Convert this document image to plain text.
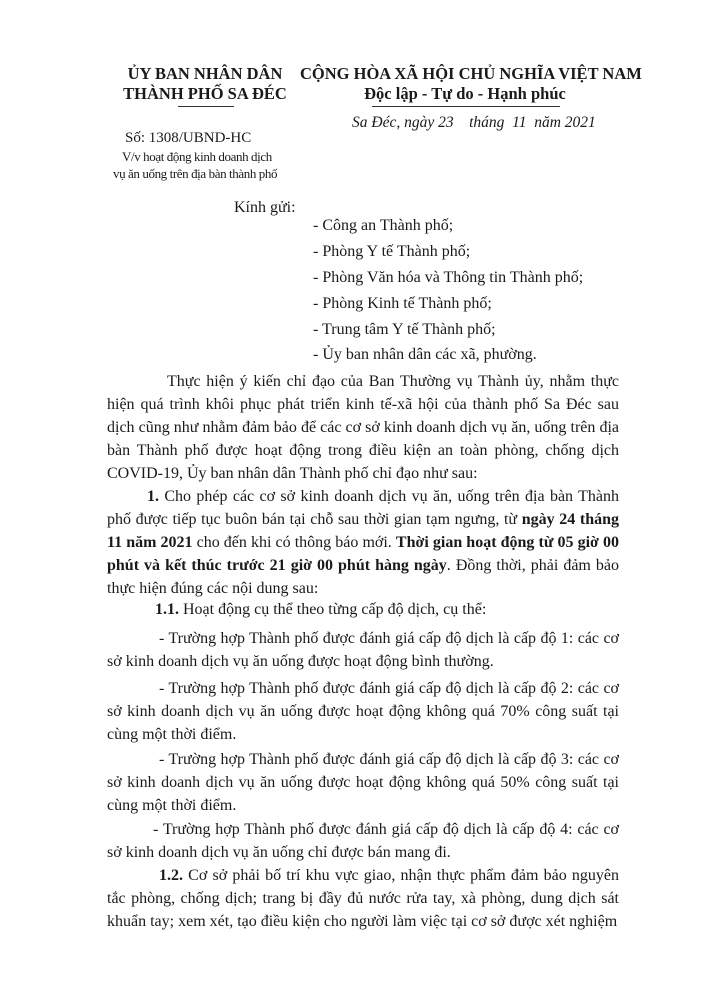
ỦY BAN NHÂN DÂN
THÀNH PHỐ SA ĐÉC
Số: 1308/UBND-HC
V/v hoạt động kinh doanh dịch
vụ ăn uống trên địa bàn thành phố
CỘNG HÒA XÃ HỘI CHỦ NGHĨA VIỆT NAM
Độc lập - Tự do - Hạnh phúc
Sa Đéc, ngày 23    tháng  11  năm 2021
Kính gửi:
- Công an Thành phố;
- Phòng Y tế Thành phố;
- Phòng Văn hóa và Thông tin Thành phố;
- Phòng Kinh tế Thành phố;
- Trung tâm Y tế Thành phố;
- Ủy ban nhân dân các xã, phường.
Thực hiện ý kiến chỉ đạo của Ban Thường vụ Thành ủy, nhằm thực hiện quá trình khôi phục phát triển kinh tế-xã hội của thành phố Sa Đéc sau dịch cũng như nhằm đảm bảo để các cơ sở kinh doanh dịch vụ ăn, uống trên địa bàn Thành phố được hoạt động trong điều kiện an toàn phòng, chống dịch COVID-19, Ủy ban nhân dân Thành phố chỉ đạo như sau:
1. Cho phép các cơ sở kinh doanh dịch vụ ăn, uống trên địa bàn Thành phố được tiếp tục buôn bán tại chỗ sau thời gian tạm ngưng, từ ngày 24 tháng 11 năm 2021 cho đến khi có thông báo mới. Thời gian hoạt động từ 05 giờ 00 phút và kết thúc trước 21 giờ 00 phút hàng ngày. Đồng thời, phải đảm bảo thực hiện đúng các nội dung sau:
1.1. Hoạt động cụ thể theo từng cấp độ dịch, cụ thể:
- Trường hợp Thành phố được đánh giá cấp độ dịch là cấp độ 1: các cơ sở kinh doanh dịch vụ ăn uống được hoạt động bình thường.
- Trường hợp Thành phố được đánh giá cấp độ dịch là cấp độ 2: các cơ sở kinh doanh dịch vụ ăn uống được hoạt động không quá 70% công suất tại cùng một thời điểm.
- Trường hợp Thành phố được đánh giá cấp độ dịch là cấp độ 3: các cơ sở kinh doanh dịch vụ ăn uống được hoạt động không quá 50% công suất tại cùng một thời điểm.
- Trường hợp Thành phố được đánh giá cấp độ dịch là cấp độ 4: các cơ sở kinh doanh dịch vụ ăn uống chỉ được bán mang đi.
1.2. Cơ sở phải bố trí khu vực giao, nhận thực phẩm đảm bảo nguyên tắc phòng, chống dịch; trang bị đầy đủ nước rửa tay, xà phòng, dung dịch sát khuẩn tay; xem xét, tạo điều kiện cho người làm việc tại cơ sở được xét nghiệm
